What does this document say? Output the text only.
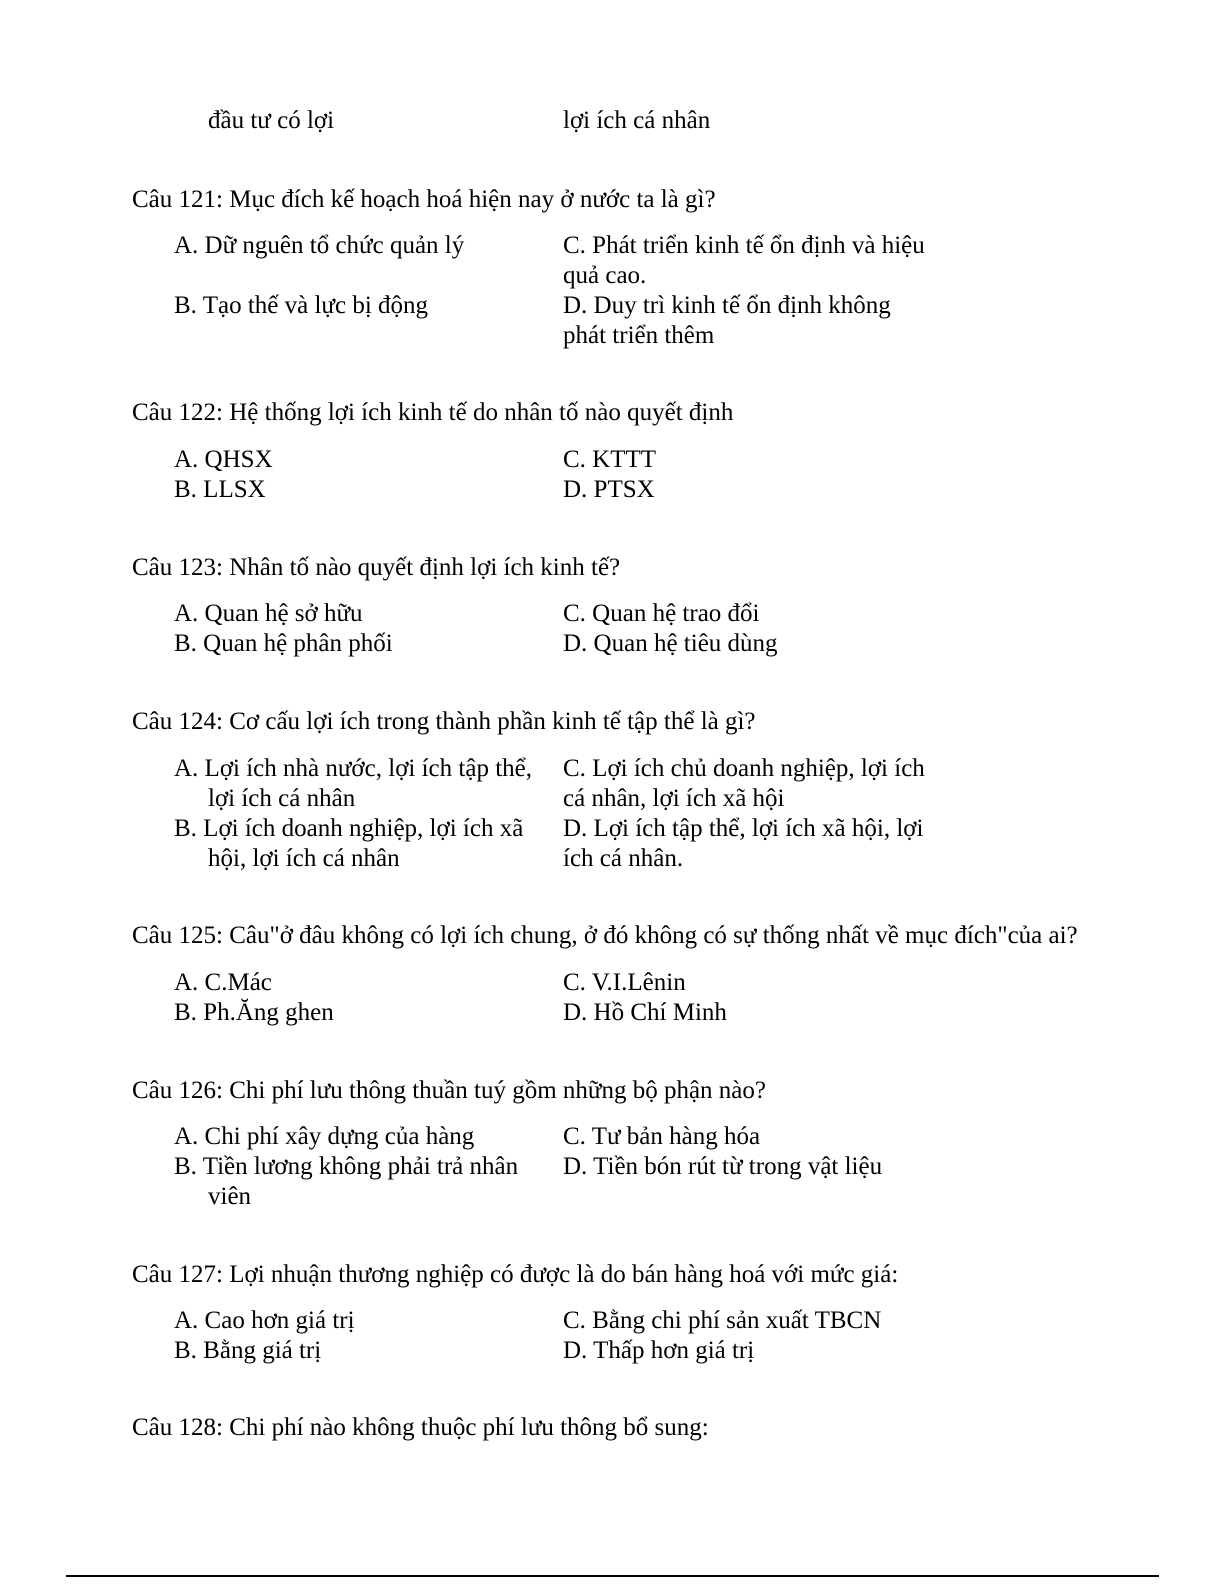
đầu tư có lợi	lợi ích cá nhân
Câu 121: Mục đích kế hoạch hoá hiện nay ở nước ta là gì?
A. Dữ nguên tổ chức quản lý
B. Tạo thế và lực bị động
C. Phát triển kinh tế ổn định và hiệu quả cao.
D. Duy trì kinh tế ổn định không phát triển thêm
Câu 122: Hệ thống lợi ích kinh tế do nhân tố nào quyết định
A. QHSX
B. LLSX
C. KTTT
D. PTSX
Câu 123: Nhân tố nào quyết định lợi ích kinh tế?
A. Quan hệ sở hữu
B. Quan hệ phân phối
C. Quan hệ trao đổi
D. Quan hệ tiêu dùng
Câu 124: Cơ cấu lợi ích trong thành phần kinh tế tập thể là gì?
A. Lợi ích nhà nước, lợi ích tập thể, lợi ích cá nhân
B. Lợi ích doanh nghiệp, lợi ích xã hội, lợi ích cá nhân
C. Lợi ích chủ doanh nghiệp, lợi ích cá nhân, lợi ích xã hội
D. Lợi ích tập thể, lợi ích xã hội, lợi ích cá nhân.
Câu 125: Câu"ở đâu không có lợi ích chung, ở đó không có sự thống nhất về mục đích"của ai?
A. C.Mác
B. Ph.Ăng ghen
C. V.I.Lênin
D. Hồ Chí Minh
Câu 126: Chi phí lưu thông thuần tuý gồm những bộ phận nào?
A. Chi phí xây dựng của hàng
B. Tiền lương không phải trả nhân viên
C. Tư bản hàng hóa
D. Tiền bón rút từ trong vật liệu
Câu 127: Lợi nhuận thương nghiệp có được là do bán hàng hoá với mức giá:
A. Cao hơn giá trị
B. Bằng giá trị
C. Bằng chi phí sản xuất TBCN
D. Thấp hơn giá trị
Câu 128: Chi phí nào không thuộc phí lưu thông bổ sung:
